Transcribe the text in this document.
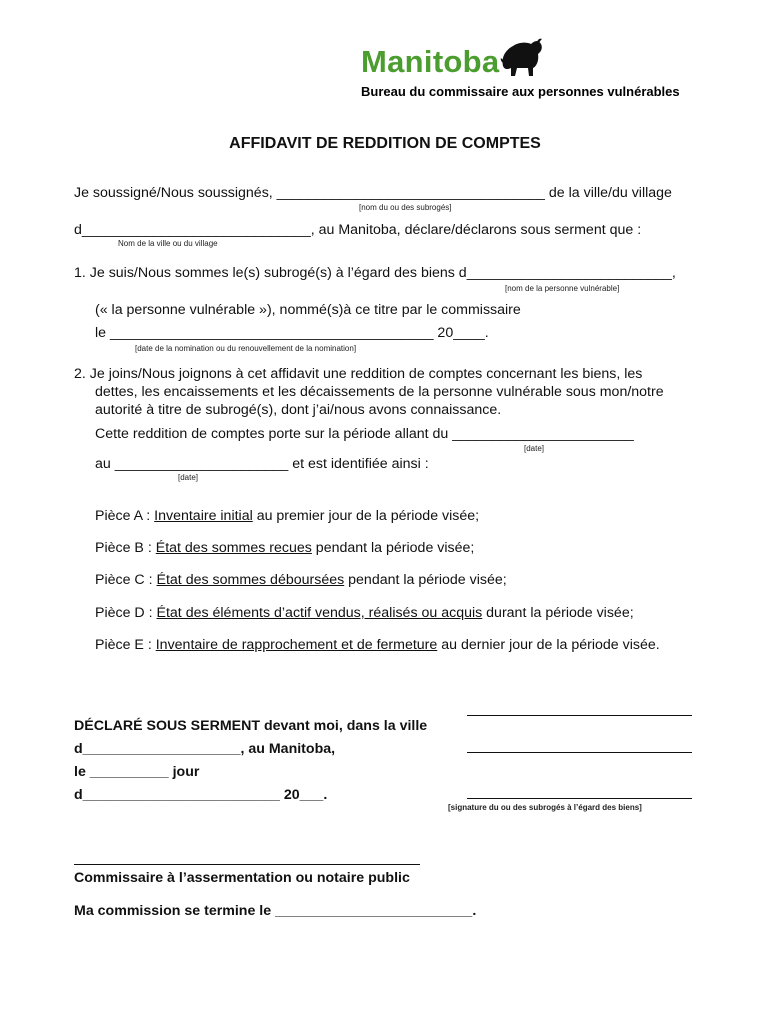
Manitoba
Bureau du commissaire aux personnes vulnérables
AFFIDAVIT DE REDDITION DE COMPTES
Je soussigné/Nous soussignés, __________________________________ de la ville/du village
[nom du ou des subrogés]
d_____________________________, au Manitoba, déclare/déclarons sous serment que :
Nom de la ville ou du village
1. Je suis/Nous sommes le(s) subrogé(s) à l’égard des biens d__________________________,
[nom de la personne vulnérable]
(« la personne vulnérable »), nommé(s)à ce titre par le commissaire
le _________________________________________ 20____.
[date de la nomination ou du renouvellement de la nomination]
2. Je joins/Nous joignons à cet affidavit une reddition de comptes concernant les biens, les
dettes, les encaissements et les décaissements de la personne vulnérable sous mon/notre
autorité à titre de subrogé(s), dont j’ai/nous avons connaissance.
Cette reddition de comptes porte sur la période allant du _______________________
[date]
au ______________________ et est identifiée ainsi :
[date]
Pièce A : Inventaire initial au premier jour de la période visée;
Pièce B : État des sommes recues pendant la période visée;
Pièce C : État des sommes déboursées pendant la période visée;
Pièce D : État des éléments d’actif vendus, réalisés ou acquis durant la période visée;
Pièce E : Inventaire de rapprochement et de fermeture au dernier jour de la période visée.
DÉCLARÉ SOUS SERMENT devant moi, dans la ville
d____________________, au Manitoba,
le __________ jour
d_________________________ 20___.
[signature du ou des subrogés à l’égard des biens]
Commissaire à l’assermentation ou notaire public
Ma commission se termine le _________________________.
